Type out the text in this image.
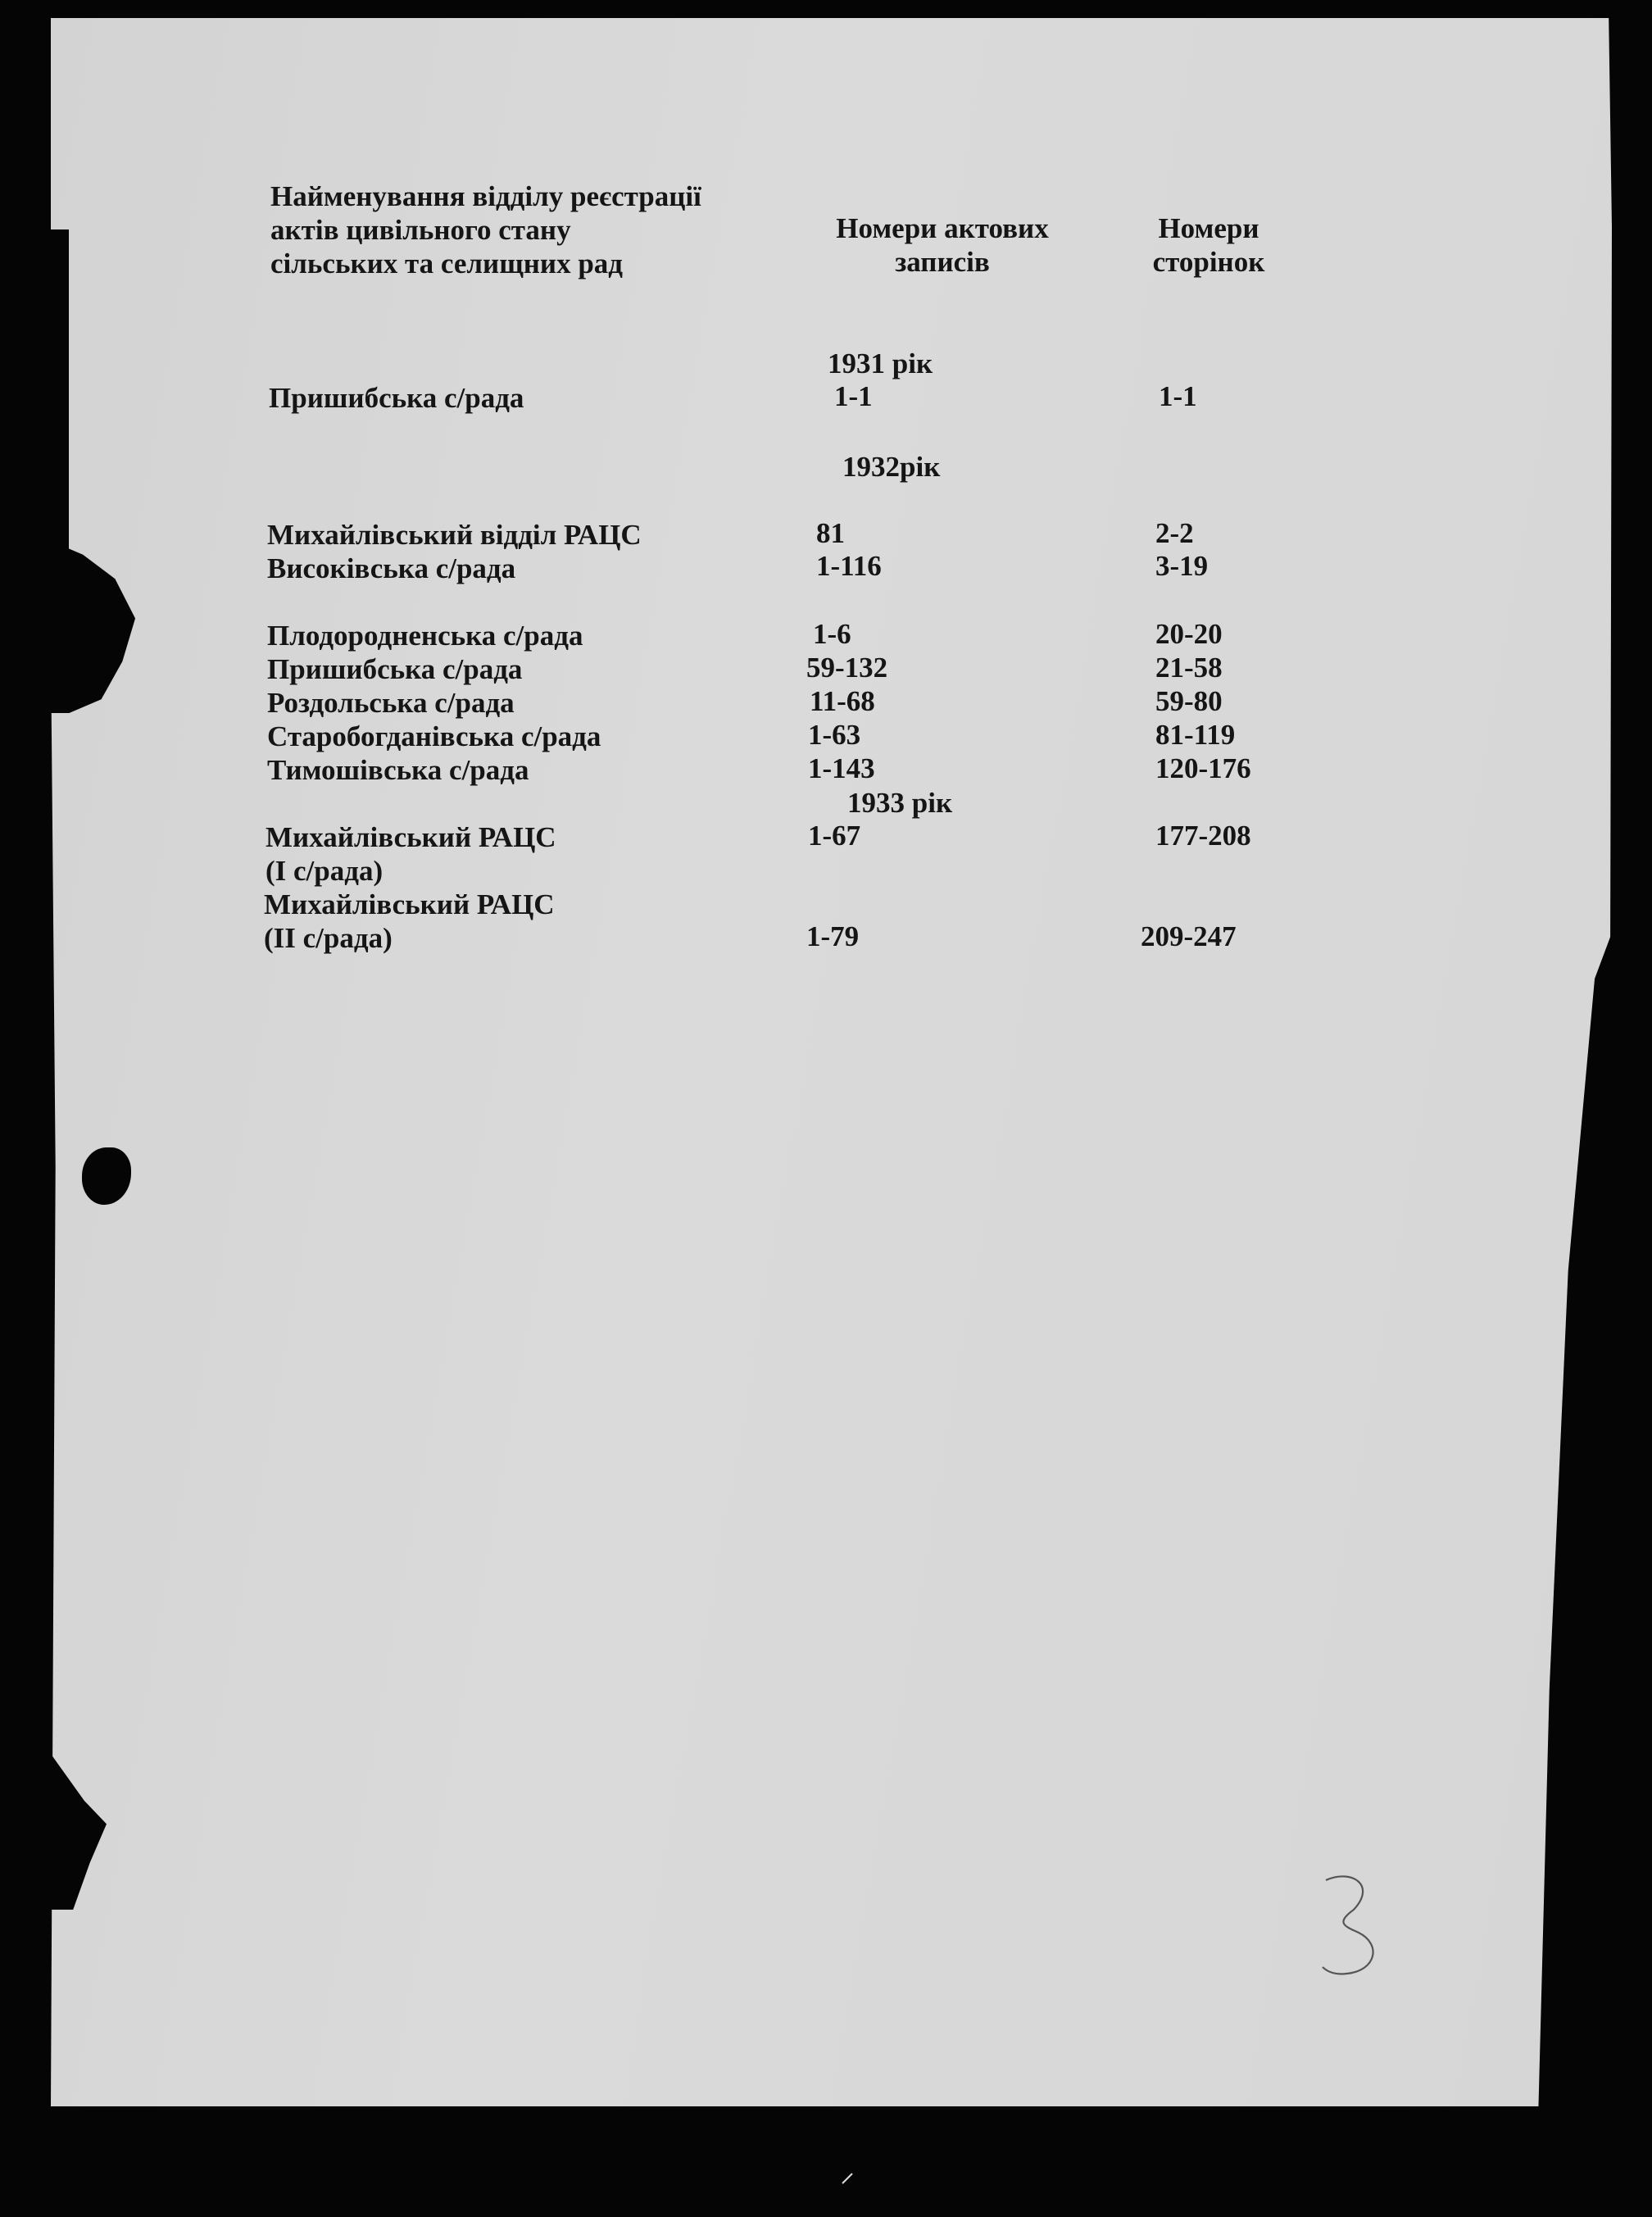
Найменування відділу реєстрації
актів цивільного стану
сільських та селищних рад
Номери актових
записів
Номери
сторінок
1931 рік
Пришибська с/рада	1-1	1-1
1932рік
Михайлівський відділ РАЦС	81	2-2
Високівська с/рада	1-116	3-19
Плодородненська с/рада	1-6	20-20
Пришибська с/рада	59-132	21-58
Роздольська с/рада	11-68	59-80
Старобогданівська с/рада	1-63	81-119
Тимошівська с/рада	1-143	120-176
1933 рік
Михайлівський РАЦС
(І с/рада)
1-67	177-208
Михайлівський РАЦС
(ІІ с/рада)	1-79	209-247
